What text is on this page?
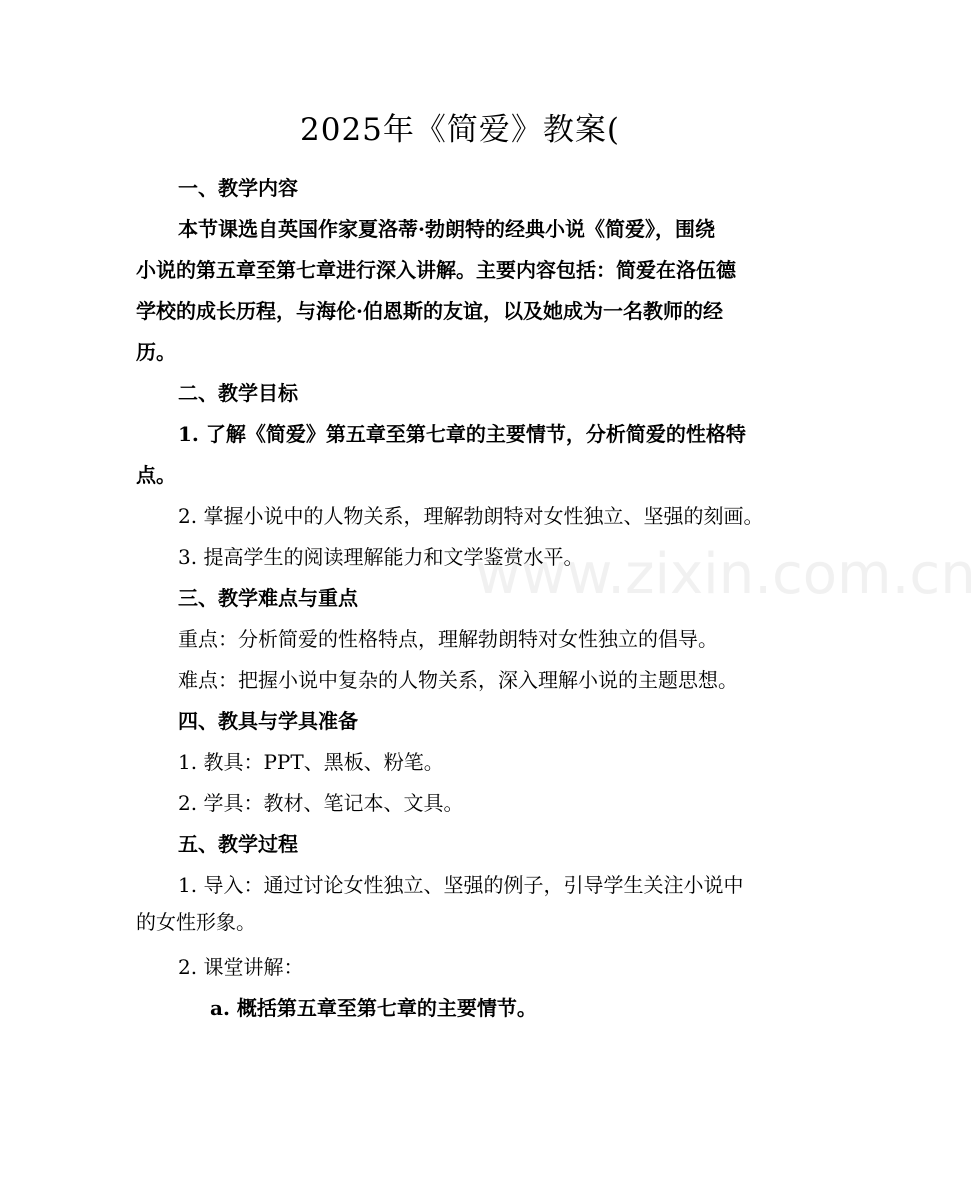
www.zixin.com.cn
2025年《简爱》教案(

一、教学内容

本节课选自英国作家夏洛蒂·勃朗特的经典小说《简爱》，围绕

小说的第五章至第七章进行深入讲解。主要内容包括：简爱在洛伍德

学校的成长历程，与海伦·伯恩斯的友谊，以及她成为一名教师的经

历。

二、教学目标

1. 了解《简爱》第五章至第七章的主要情节，分析简爱的性格特

点。

2. 掌握小说中的人物关系，理解勃朗特对女性独立、坚强的刻画。

3. 提高学生的阅读理解能力和文学鉴赏水平。

三、教学难点与重点

重点：分析简爱的性格特点，理解勃朗特对女性独立的倡导。

难点：把握小说中复杂的人物关系，深入理解小说的主题思想。

四、教具与学具准备

1. 教具：PPT、黑板、粉笔。

2. 学具：教材、笔记本、文具。

五、教学过程

1. 导入：通过讨论女性独立、坚强的例子，引导学生关注小说中

的女性形象。

2. 课堂讲解：

a. 概括第五章至第七章的主要情节。
